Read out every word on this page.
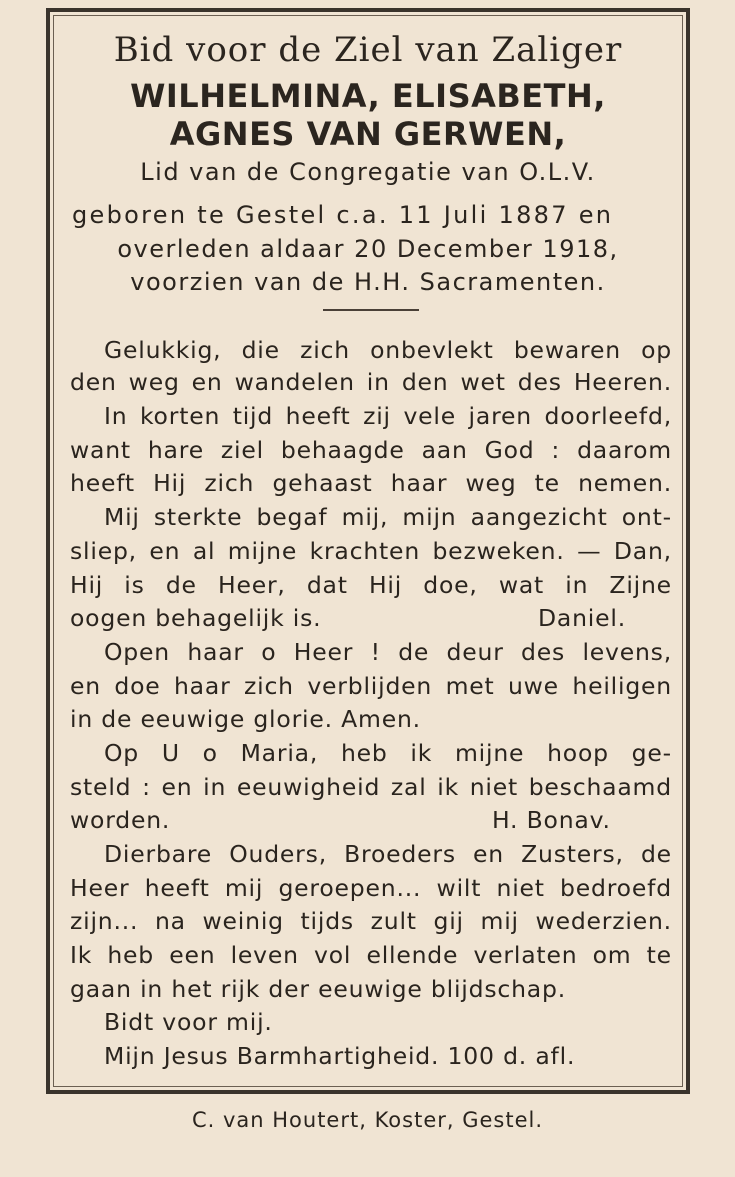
Bid voor de Ziel van Zaliger
WILHELMINA, ELISABETH,
AGNES VAN GERWEN,
Lid van de Congregatie van O.L.V.
geboren te Gestel c.a. 11 Juli 1887 en
overleden aldaar 20 December 1918,
voorzien van de H.H. Sacramenten.
Gelukkig, die zich onbevlekt bewaren op
den weg en wandelen in den wet des Heeren.
In korten tijd heeft zij vele jaren doorleefd,
want hare ziel behaagde aan God : daarom
heeft Hij zich gehaast haar weg te nemen.
Mij sterkte begaf mij, mijn aangezicht ont-
sliep, en al mijne krachten bezweken. — Dan,
Hij is de Heer, dat Hij doe, wat in Zijne
oogen behagelijk is.	Daniel.
Open haar o Heer ! de deur des levens,
en doe haar zich verblijden met uwe heiligen
in de eeuwige glorie. Amen.
Op U o Maria, heb ik mijne hoop ge-
steld : en in eeuwigheid zal ik niet beschaamd
worden.	H. Bonav.
Dierbare Ouders, Broeders en Zusters, de
Heer heeft mij geroepen... wilt niet bedroefd
zijn... na weinig tijds zult gij mij wederzien.
Ik heb een leven vol ellende verlaten om te
gaan in het rijk der eeuwige blijdschap.
Bidt voor mij.
Mijn Jesus Barmhartigheid. 100 d. afl.
C. van Houtert, Koster, Gestel.
